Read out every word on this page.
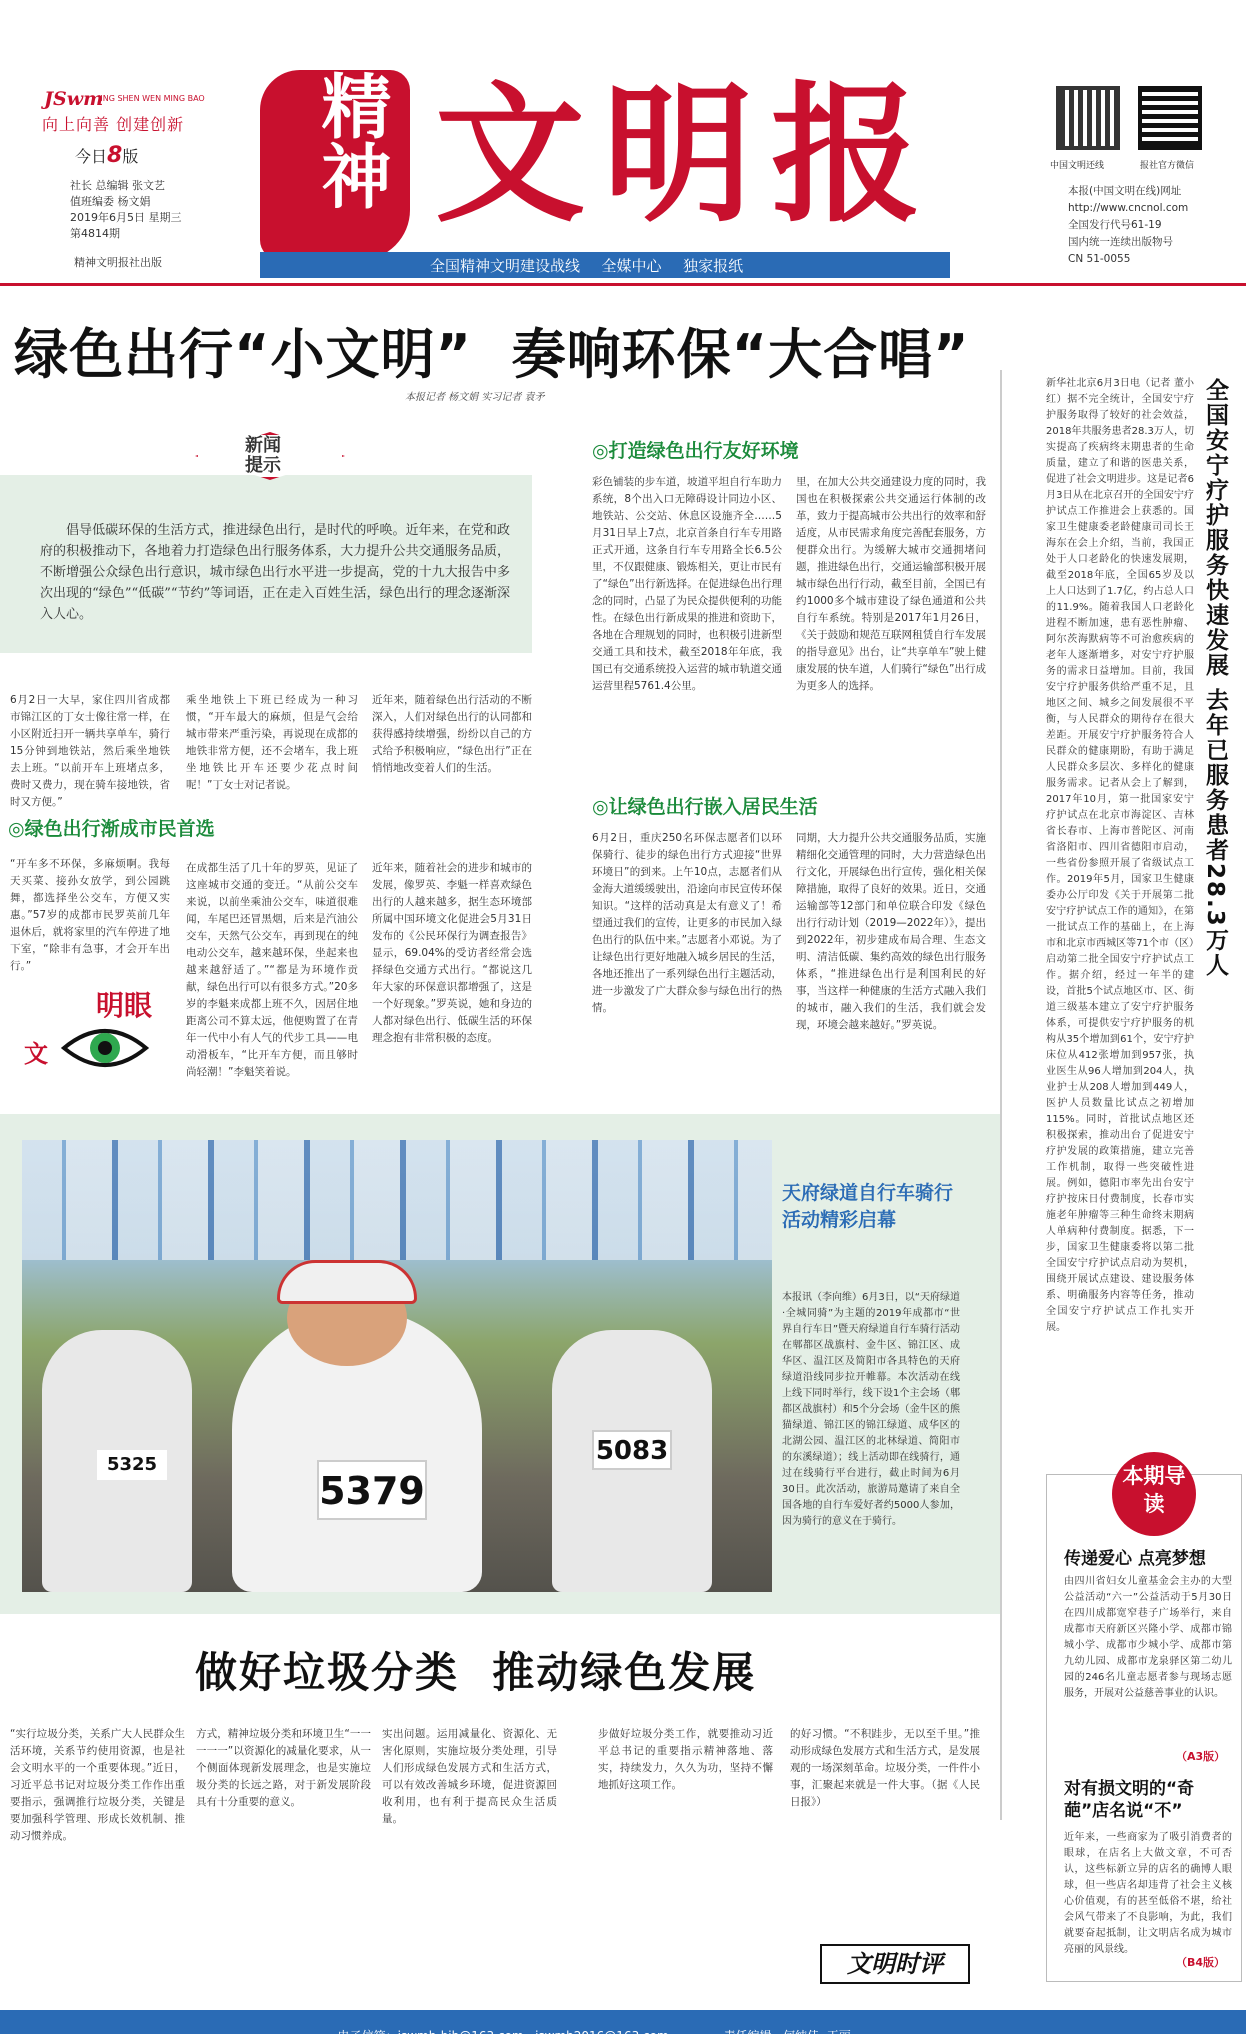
JSwm
JING SHEN WEN MING BAO
向上向善 创建创新
今日8版
社长 总编辑 张文艺
值班编委 杨文娟
2019年6月5日 星期三
第4814期
精神文明报社出版
精神 文明报
全国精神文明建设战线  全媒中心  独家报纸
中国文明还线	报社官方微信
本报(中国文明在线)网址
http://www.cncnol.com
全国发行代号61-19
国内统一连续出版物号
CN 51-0055
绿色出行“小文明”  奏响环保“大合唱”
本报记者 杨文娟 实习记者 袁矛
新闻
提示
倡导低碳环保的生活方式，推进绿色出行，是时代的呼唤。近年来，在党和政府的积极推动下，各地着力打造绿色出行服务体系，大力提升公共交通服务品质，不断增强公众绿色出行意识，城市绿色出行水平进一步提高，党的十九大报告中多次出现的“绿色”“低碳”“节约”等词语，正在走入百姓生活，绿色出行的理念逐渐深入人心。
6月2日一大早，家住四川省成都市锦江区的丁女士像往常一样，在小区附近扫开一辆共享单车，骑行15分钟到地铁站，然后乘坐地铁去上班。“以前开车上班堵点多，费时又费力，现在骑车接地铁，省时又方便。”
乘坐地铁上下班已经成为一种习惯，“开车最大的麻烦，但是气会给城市带来严重污染，再说现在成都的地铁非常方便，还不会堵车，我上班坐地铁比开车还要少花点时间呢！”丁女士对记者说。
近年来，随着绿色出行活动的不断深入，人们对绿色出行的认同都和获得感持续增强，纷纷以自己的方式给予积极响应，“绿色出行”正在悄悄地改变着人们的生活。
◎绿色出行渐成市民首选
“开车多不环保，多麻烦啊。我每天买菜、接孙女放学，到公园跳舞，都选择坐公交车，方便又实惠。”57岁的成都市民罗英前几年退休后，就将家里的汽车停进了地下室，“除非有急事，才会开车出行。”
在成都生活了几十年的罗英，见证了这座城市交通的变迁。“从前公交车来说，以前坐乘油公交车，味道很难闻，车尾巴还冒黑烟，后来是汽油公交车，天然气公交车，再到现在的纯电动公交车，越来越环保，坐起来也越来越舒适了。”“都是为环境作贡献，绿色出行可以有很多方式。”20多岁的李魁来成都上班不久，因居住地距离公司不算太远，他便购置了在青年一代中小有人气的代步工具——电动滑板车，“比开车方便，而且够时尚轻潮！”李魁笑着说。
近年来，随着社会的进步和城市的发展，像罗英、李魁一样喜欢绿色出行的人越来越多，据生态环境部所属中国环境文化促进会5月31日发布的《公民环保行为调查报告》显示，69.04%的受访者经常会选择绿色交通方式出行。“都说这几年大家的环保意识都增强了，这是一个好现象。”罗英说，她和身边的人都对绿色出行、低碳生活的环保理念抱有非常积极的态度。
明眼
文
◎打造绿色出行友好环境
彩色铺装的步车道，坡道平坦自行车助力系统，8个出入口无障碍设计同边小区、地铁站、公交站、休息区设施齐全……5月31日早上7点，北京首条自行车专用路正式开通，这条自行车专用路全长6.5公里，不仅跟健康、锻炼相关，更让市民有了“绿色”出行新选择。在促进绿色出行理念的同时，凸显了为民众提供便利的功能性。在绿色出行新成果的推进和资助下，各地在合理规划的同时，也积极引进新型交通工具和技术，截至2018年年底，我国已有交通系统投入运营的城市轨道交通运营里程5761.4公里。
里，在加大公共交通建设力度的同时，我国也在积极探索公共交通运行体制的改革，致力于提高城市公共出行的效率和舒适度，从市民需求角度完善配套服务，方便群众出行。为缓解大城市交通拥堵问题，推进绿色出行，交通运输部积极开展城市绿色出行行动，截至目前，全国已有约1000多个城市建设了绿色通道和公共自行车系统。特别是2017年1月26日，《关于鼓励和规范互联网租赁自行车发展的指导意见》出台，让“共享单车”驶上健康发展的快车道，人们骑行“绿色”出行成为更多人的选择。
◎让绿色出行嵌入居民生活
6月2日，重庆250名环保志愿者们以环保骑行、徒步的绿色出行方式迎接“世界环境日”的到来。上午10点，志愿者们从金海大道缓缓驶出，沿途向市民宣传环保知识。“这样的活动真是太有意义了！希望通过我们的宣传，让更多的市民加入绿色出行的队伍中来。”志愿者小邓说。为了让绿色出行更好地融入城乡居民的生活，各地还推出了一系列绿色出行主题活动，进一步激发了广大群众参与绿色出行的热情。
同期，大力提升公共交通服务品质，实施精细化交通管理的同时，大力营造绿色出行文化，开展绿色出行宣传，强化相关保障措施，取得了良好的效果。近日，交通运输部等12部门和单位联合印发《绿色出行行动计划（2019—2022年）》，提出到2022年，初步建成布局合理、生态文明、清洁低碳、集约高效的绿色出行服务体系，“推进绿色出行是利国利民的好事，当这样一种健康的生活方式融入我们的城市，融入我们的生活，我们就会发现，环境会越来越好。”罗英说。
5379
5083
5325
天府绿道自行车骑行活动精彩启幕
本报讯（李向维）6月3日，以“天府绿道·全城同骑”为主题的2019年成都市“世界自行车日”暨天府绿道自行车骑行活动在郫都区战旗村、金牛区、锦江区、成华区、温江区及简阳市各具特色的天府绿道沿线同步拉开帷幕。本次活动在线上线下同时举行，线下设1个主会场（郫都区战旗村）和5个分会场（金牛区的熊猫绿道、锦江区的锦江绿道、成华区的北湖公园、温江区的北林绿道、简阳市的东溪绿道）；线上活动即在线骑行，通过在线骑行平台进行，截止时间为6月30日。此次活动，旅游局邀请了来自全国各地的自行车爱好者约5000人参加，因为骑行的意义在于骑行。
做好垃圾分类  推动绿色发展
“实行垃圾分类，关系广大人民群众生活环境，关系节约使用资源，也是社会文明水平的一个重要体现。”近日，习近平总书记对垃圾分类工作作出重要指示，强调推行垃圾分类，关键是要加强科学管理、形成长效机制、推动习惯养成。
方式，精神垃圾分类和环境卫生“一一一一一”以资源化的减量化要求，从一个侧面体现新发展理念，也是实施垃圾分类的长远之路，对于新发展阶段具有十分重要的意义。
实出问题。运用减量化、资源化、无害化原则，实施垃圾分类处理，引导人们形成绿色发展方式和生活方式，可以有效改善城乡环境，促进资源回收利用，也有利于提高民众生活质量。
步做好垃圾分类工作，就要推动习近平总书记的重要指示精神落地、落实，持续发力，久久为功，坚持不懈地抓好这项工作。
的好习惯。“不积跬步，无以至千里。”推动形成绿色发展方式和生活方式，是发展观的一场深刻革命。垃圾分类，一件件小事，汇聚起来就是一件大事。（据《人民日报》）
文明时评
全国安宁疗护服务快速发展 去年已服务患者28.3万人
新华社北京6月3日电（记者 董小红）据不完全统计，全国安宁疗护服务取得了较好的社会效益，2018年共服务患者28.3万人，切实提高了疾病终末期患者的生命质量，建立了和谐的医患关系，促进了社会文明进步。这是记者6月3日从在北京召开的全国安宁疗护试点工作推进会上获悉的。国家卫生健康委老龄健康司司长王海东在会上介绍，当前，我国正处于人口老龄化的快速发展期，截至2018年底，全国65岁及以上人口达到了1.7亿，约占总人口的11.9%。随着我国人口老龄化进程不断加速，患有恶性肿瘤、阿尔茨海默病等不可治愈疾病的老年人逐渐增多，对安宁疗护服务的需求日益增加。目前，我国安宁疗护服务供给严重不足，且地区之间、城乡之间发展很不平衡，与人民群众的期待存在很大差距。开展安宁疗护服务符合人民群众的健康期盼，有助于满足人民群众多层次、多样化的健康服务需求。记者从会上了解到，2017年10月，第一批国家安宁疗护试点在北京市海淀区、吉林省长春市、上海市普陀区、河南省洛阳市、四川省德阳市启动，一些省份参照开展了省级试点工作。2019年5月，国家卫生健康委办公厅印发《关于开展第二批安宁疗护试点工作的通知》，在第一批试点工作的基础上，在上海市和北京市西城区等71个市（区）启动第二批全国安宁疗护试点工作。据介绍，经过一年半的建设，首批5个试点地区市、区、街道三级基本建立了安宁疗护服务体系，可提供安宁疗护服务的机构从35个增加到61个，安宁疗护床位从412张增加到957张，执业医生从96人增加到204人，执业护士从208人增加到449人，医护人员数量比试点之初增加115%。同时，首批试点地区还积极探索，推动出台了促进安宁疗护发展的政策措施，建立完善工作机制，取得一些突破性进展。例如，德阳市率先出台安宁疗护按床日付费制度，长春市实施老年肿瘤等三种生命终末期病人单病种付费制度。据悉，下一步，国家卫生健康委将以第二批全国安宁疗护试点启动为契机，围绕开展试点建设、建设服务体系、明确服务内容等任务，推动全国安宁疗护试点工作扎实开展。
本期导读
传递爱心 点亮梦想
由四川省妇女儿童基金会主办的大型公益活动“六一”公益活动于5月30日在四川成都宽窄巷子广场举行，来自成都市天府新区兴隆小学、成都市锦城小学、成都市少城小学、成都市第九幼儿园、成都市龙泉驿区第二幼儿园的246名儿童志愿者参与现场志愿服务，开展对公益慈善事业的认识。
（A3版）
对有损文明的“奇葩”店名说“不”
近年来，一些商家为了吸引消费者的眼球，在店名上大做文章，不可否认，这些标新立异的店名的确博人眼球，但一些店名却违背了社会主义核心价值观，有的甚至低俗不堪，给社会风气带来了不良影响，为此，我们就要奋起抵制，让文明店名成为城市亮丽的风景线。
（B4版）

电子信箱：jswmb-bjb@163.com jswmb2016@163.com	责任编辑 何纯佳  王丽
